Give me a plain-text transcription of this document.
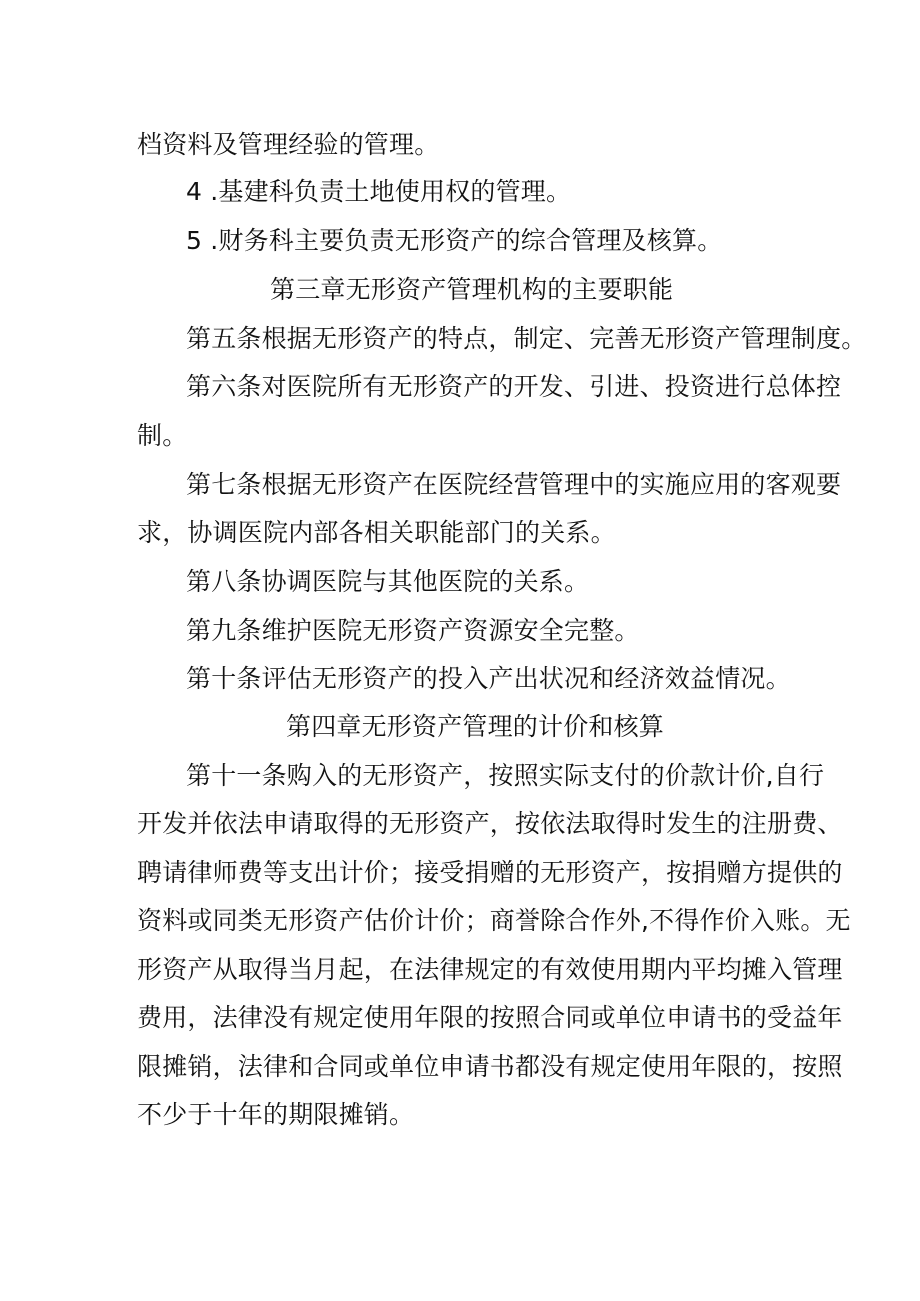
档资料及管理经验的管理。
4 .基建科负责土地使用权的管理。
5 .财务科主要负责无形资产的综合管理及核算。
第三章无形资产管理机构的主要职能
第五条根据无形资产的特点，制定、完善无形资产管理制度。
第六条对医院所有无形资产的开发、引进、投资进行总体控
制。
第七条根据无形资产在医院经营管理中的实施应用的客观要
求，协调医院内部各相关职能部门的关系。
第八条协调医院与其他医院的关系。
第九条维护医院无形资产资源安全完整。
第十条评估无形资产的投入产出状况和经济效益情况。
第四章无形资产管理的计价和核算
第十一条购入的无形资产，按照实际支付的价款计价,自行
开发并依法申请取得的无形资产，按依法取得时发生的注册费、
聘请律师费等支出计价；接受捐赠的无形资产，按捐赠方提供的
资料或同类无形资产估价计价；商誉除合作外,不得作价入账。无
形资产从取得当月起，在法律规定的有效使用期内平均摊入管理
费用，法律没有规定使用年限的按照合同或单位申请书的受益年
限摊销，法律和合同或单位申请书都没有规定使用年限的，按照
不少于十年的期限摊销。
